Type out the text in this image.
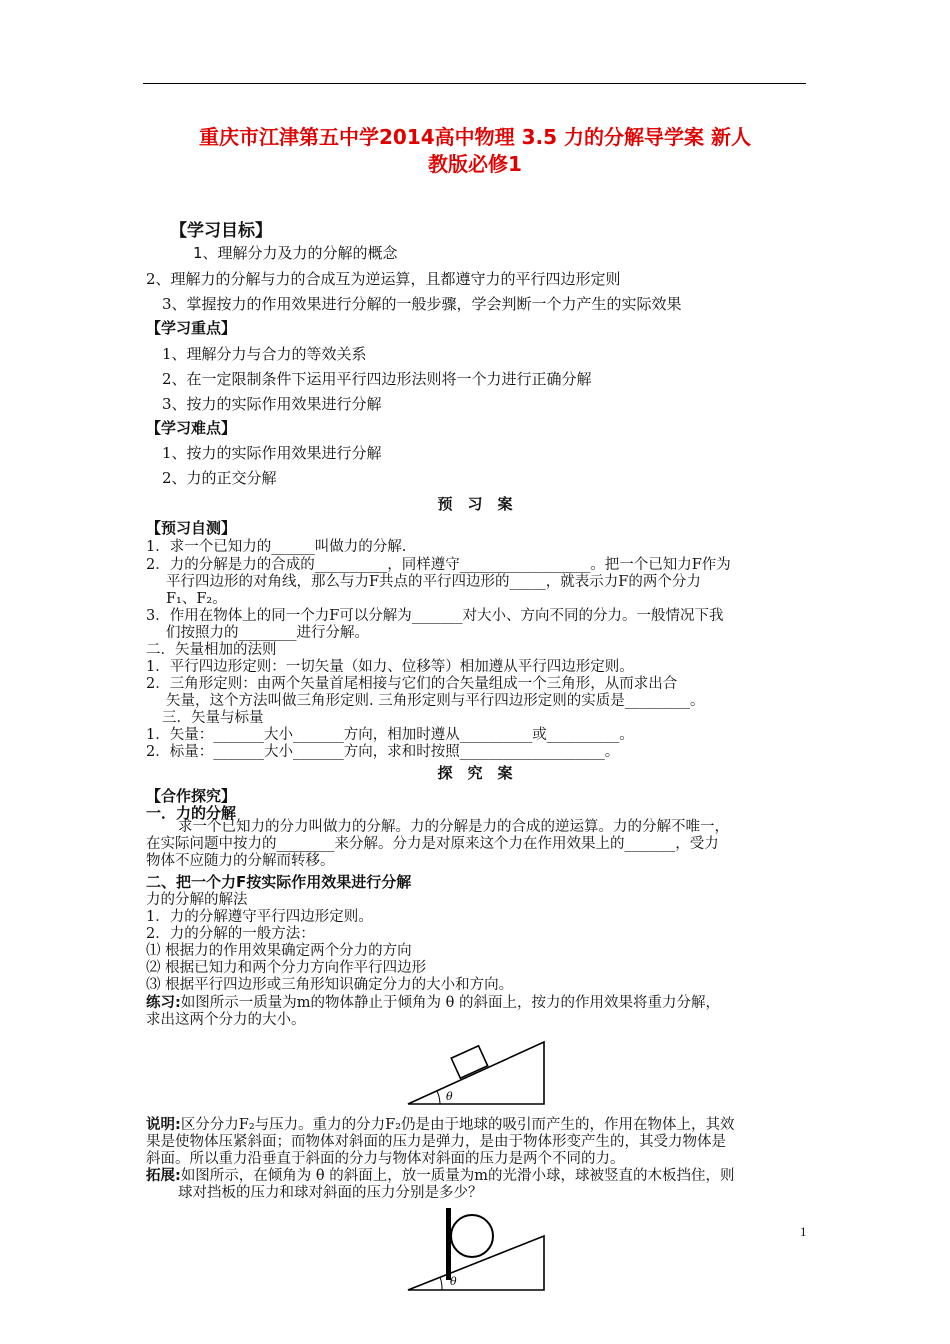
重庆市江津第五中学2014高中物理 3.5 力的分解导学案 新人
教版必修1
【学习目标】
1、理解分力及力的分解的概念
2、理解力的分解与力的合成互为逆运算，且都遵守力的平行四边形定则
3、掌握按力的作用效果进行分解的一般步骤，学会判断一个力产生的实际效果
【学习重点】
1、理解分力与合力的等效关系
2、在一定限制条件下运用平行四边形法则将一个力进行正确分解
3、按力的实际作用效果进行分解
【学习难点】
1、按力的实际作用效果进行分解
2、力的正交分解
预　习　案
【预习自测】
1．求一个已知力的______叫做力的分解.
2．力的分解是力的合成的__________，同样遵守__________________。把一个已知力F作为
平行四边形的对角线，那么与力F共点的平行四边形的_____，就表示力F的两个分力
F₁、F₂。
3．作用在物体上的同一个力F可以分解为_______对大小、方向不同的分力。一般情况下我
们按照力的________进行分解。
二．矢量相加的法则
1．平行四边形定则：一切矢量（如力、位移等）相加遵从平行四边形定则。
2．三角形定则：由两个矢量首尾相接与它们的合矢量组成一个三角形，从而求出合
矢量，这个方法叫做三角形定则. 三角形定则与平行四边形定则的实质是_________。
三．矢量与标量
1．矢量：_______大小_______方向，相加时遵从__________或__________。
2．标量：_______大小_______方向，求和时按照____________________。
探　究　案
【合作探究】
一．力的分解
求一个已知力的分力叫做力的分解。力的分解是力的合成的逆运算。力的分解不唯一，
在实际问题中按力的________来分解。分力是对原来这个力在作用效果上的_______，受力
物体不应随力的分解而转移。
二、把一个力F按实际作用效果进行分解
力的分解的解法
1．力的分解遵守平行四边形定则。
2．力的分解的一般方法：
⑴ 根据力的作用效果确定两个分力的方向
⑵ 根据已知力和两个分力方向作平行四边形
⑶ 根据平行四边形或三角形知识确定分力的大小和方向。
练习:如图所示一质量为m的物体静止于倾角为 θ 的斜面上，按力的作用效果将重力分解，
求出这两个分力的大小。
θ
说明:区分分力F₂与压力。重力的分力F₂仍是由于地球的吸引而产生的，作用在物体上，其效
果是使物体压紧斜面；而物体对斜面的压力是弹力，是由于物体形变产生的，其受力物体是
斜面。所以重力沿垂直于斜面的分力与物体对斜面的压力是两个不同的力。
拓展:如图所示，在倾角为 θ 的斜面上，放一质量为m的光滑小球，球被竖直的木板挡住，则
球对挡板的压力和球对斜面的压力分别是多少？
θ
1
